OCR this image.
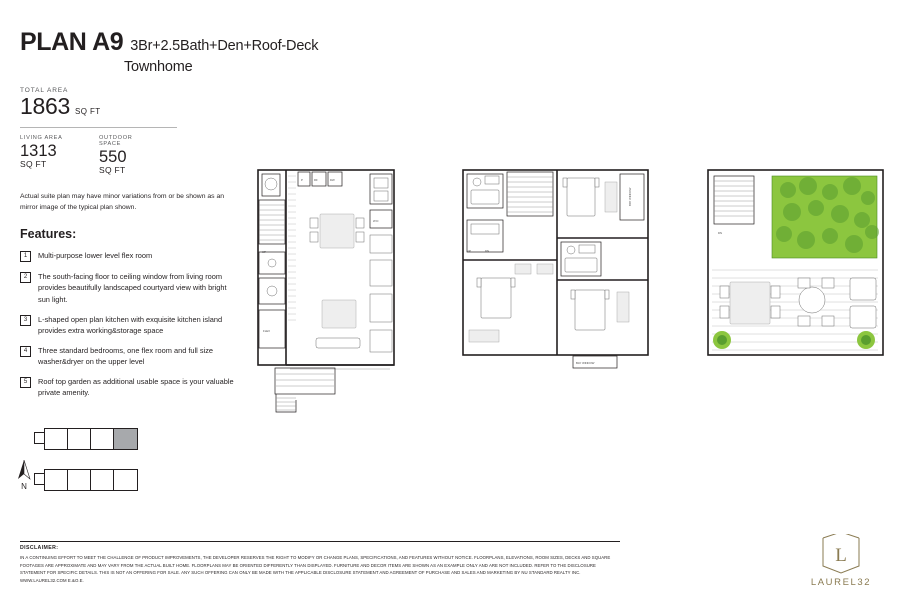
PLAN A9 3Br+2.5Bath+Den+Roof-Deck
Townhome
TOTAL AREA
1863 SQ FT
LIVING AREA
1313
SQ FT
OUTDOOR SPACE
550
SQ FT
Actual suite plan may have minor variations from or be shown as an mirror image of the typical plan shown.
Features:
1	Multi-purpose lower level flex room
2	The south-facing floor to ceiling window from living room provides beautifully landscaped courtyard view with bright sun light.
3	L-shaped open plan kitchen with exquisite kitchen island provides extra working&storage space
4	Three standard bedrooms, one flex room and full size washer&dryer on the upper level
5	Roof top garden as additional usable space is your valuable private amenity.
N
UP
FLEX
P	RF	DW
W D
BAY WINDOW
UP	DN
BAY WINDOW
DN
DISCLAIMER:
IN A CONTINUING EFFORT TO MEET THE CHALLENGE OF PRODUCT IMPROVEMENTS, THE DEVELOPER RESERVES THE RIGHT TO MODIFY OR CHANGE PLANS, SPECIFICATIONS, AND FEATURES WITHOUT NOTICE. FLOORPLANS, ELEVATIONS, ROOM SIZES, DECKS AND SQUARE FOOTAGES ARE APPROXIMATE AND MAY VARY FROM THE ACTUAL BUILT HOME. FLOORPLANS MAY BE ORIENTED DIFFERENTLY THAN DISPLAYED. FURNITURE AND DECOR ITEMS ARE SHOWN AS AN EXAMPLE ONLY AND ARE NOT INCLUDED. REFER TO THE DISCLOSURE STATEMENT FOR SPECIFIC DETAILS. THIS IS NOT AN OFFERING FOR SALE. ANY SUCH OFFERING CAN ONLY BE MADE WITH THE APPLICABLE DISCLOSURE STATEMENT AND AGREEMENT OF PURCHASE AND SALES AND MARKETING BY NU STANDARD REALTY INC. WWW.LAUREL32.COM E.&O.E.
L
LAUREL32
